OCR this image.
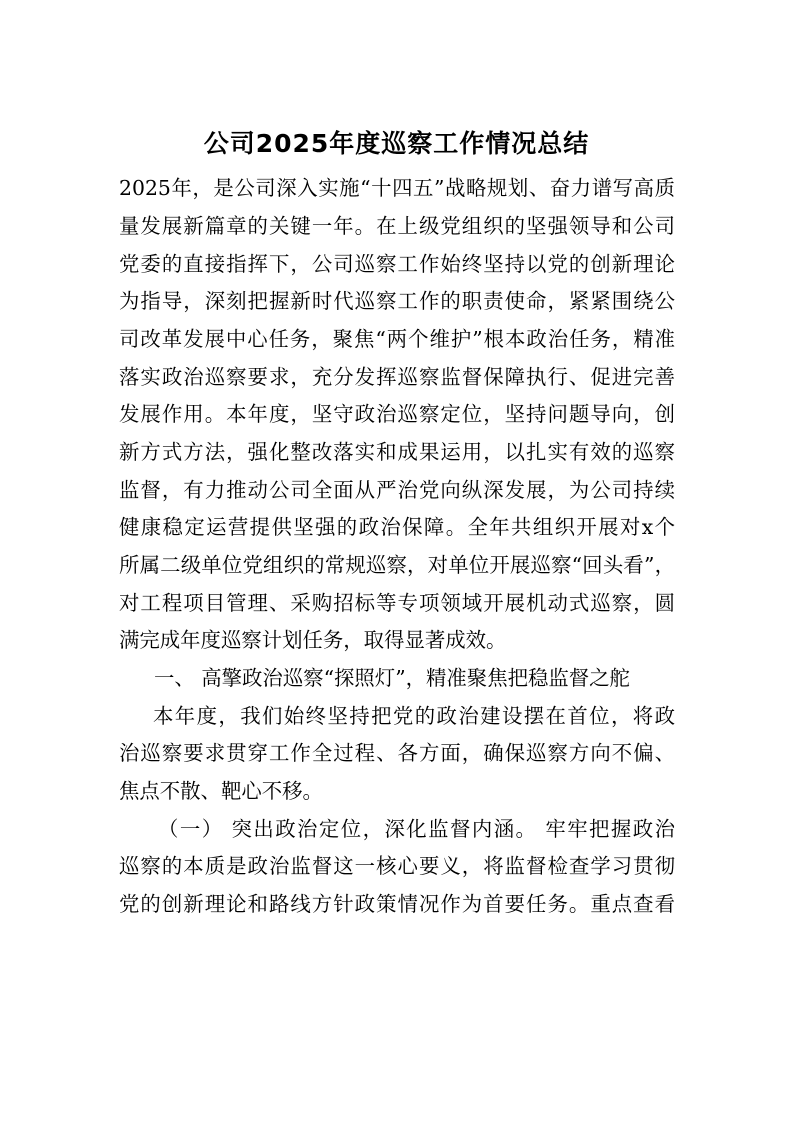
公司2025年度巡察工作情况总结
2025年，是公司深入实施“十四五”战略规划、奋力谱写高质
量发展新篇章的关键一年。在上级党组织的坚强领导和公司
党委的直接指挥下，公司巡察工作始终坚持以党的创新理论
为指导，深刻把握新时代巡察工作的职责使命，紧紧围绕公
司改革发展中心任务，聚焦“两个维护”根本政治任务，精准
落实政治巡察要求，充分发挥巡察监督保障执行、促进完善
发展作用。本年度，坚守政治巡察定位，坚持问题导向，创
新方式方法，强化整改落实和成果运用，以扎实有效的巡察
监督，有力推动公司全面从严治党向纵深发展，为公司持续
健康稳定运营提供坚强的政治保障。全年共组织开展对x个
所属二级单位党组织的常规巡察，对单位开展巡察“回头看”，
对工程项目管理、采购招标等专项领域开展机动式巡察，圆
满完成年度巡察计划任务，取得显著成效。
一、 高擎政治巡察“探照灯”，精准聚焦把稳监督之舵
本年度，我们始终坚持把党的政治建设摆在首位，将政
治巡察要求贯穿工作全过程、各方面，确保巡察方向不偏、
焦点不散、靶心不移。
（一） 突出政治定位，深化监督内涵。 牢牢把握政治
巡察的本质是政治监督这一核心要义，将监督检查学习贯彻
党的创新理论和路线方针政策情况作为首要任务。重点查看
